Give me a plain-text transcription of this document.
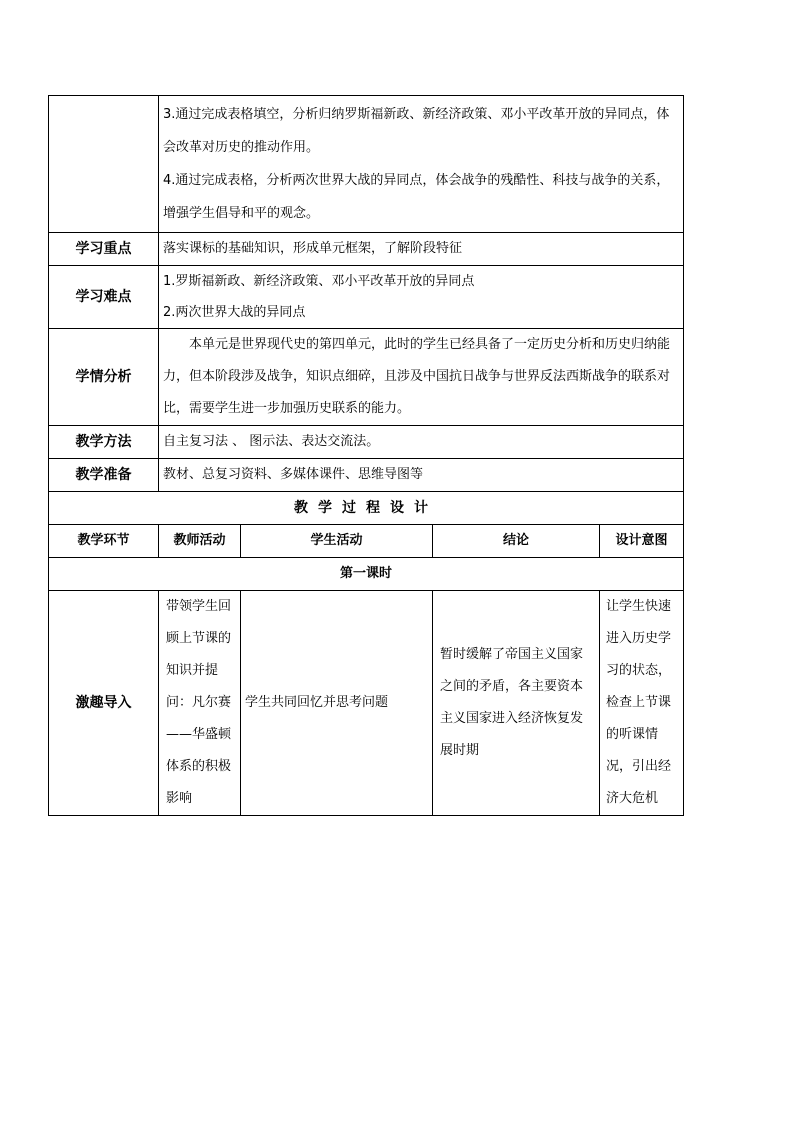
	3.通过完成表格填空，分析归纳罗斯福新政、新经济政策、邓小平改革开放的异同点，体会改革对历史的推动作用。
4.通过完成表格，分析两次世界大战的异同点，体会战争的残酷性、科技与战争的关系，增强学生倡导和平的观念。			

学习重点	落实课标的基础知识，形成单元框架，了解阶段特征			
学习难点	1.罗斯福新政、新经济政策、邓小平改革开放的异同点
2.两次世界大战的异同点			

学情分析	本单元是世界现代史的第四单元，此时的学生已经具备了一定历史分析和历史归纳能力，但本阶段涉及战争，知识点细碎，且涉及中国抗日战争与世界反法西斯战争的联系对比，需要学生进一步加强历史联系的能力。			
教学方法	自主复习法 、 图示法、表达交流法。			
教学准备	教材、总复习资料、多媒体课件、思维导图等			
教学过程设计				
教学环节	教师活动	学生活动	结论	设计意图
第一课时				
激趣导入	带领学生回顾上节课的知识并提问：凡尔赛——华盛顿体系的积极影响	学生共同回忆并思考问题	暂时缓解了帝国主义国家之间的矛盾，各主要资本主义国家进入经济恢复发展时期	让学生快速进入历史学习的状态，检查上节课的听课情况，引出经济大危机
